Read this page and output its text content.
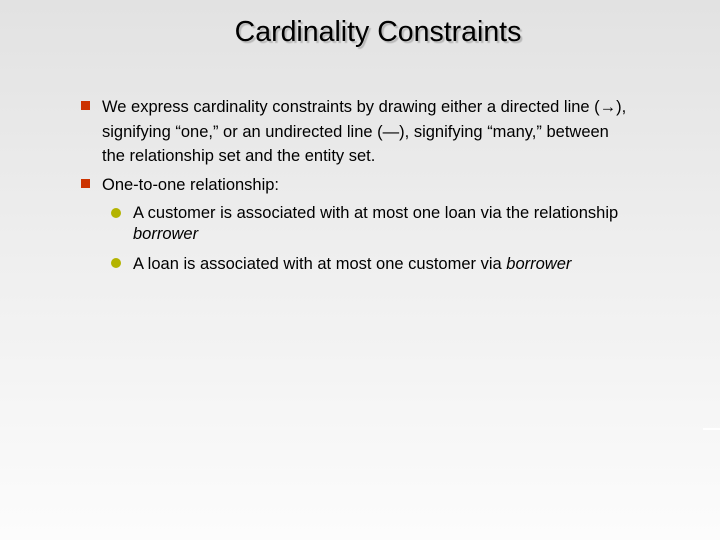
Cardinality Constraints
We express cardinality constraints by drawing either a directed line (→),
signifying “one,” or an undirected line (—), signifying “many,” between
the relationship set and the entity set.
One-to-one relationship:
A customer is associated with at most one loan via the relationship
borrower
A loan is associated with at most one customer via borrower
